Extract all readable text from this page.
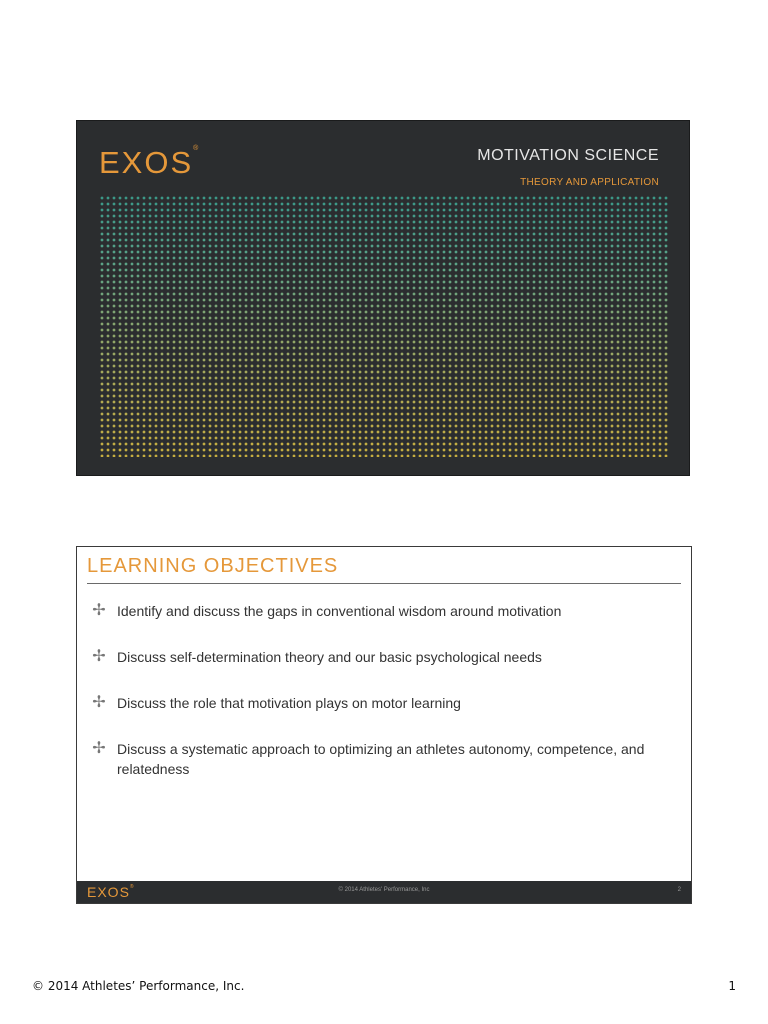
EXOS®	MOTIVATION SCIENCE
THEORY AND APPLICATION
LEARNING OBJECTIVES
✢ Identify and discuss the gaps in conventional wisdom around motivation
✢ Discuss self-determination theory and our basic psychological needs
✢ Discuss the role that motivation plays on motor learning
✢ Discuss a systematic approach to optimizing an athletes autonomy, competence, and relatedness
EXOS®	© 2014 Athletes' Performance, Inc	2
© 2014 Athletes’ Performance, Inc.	1
